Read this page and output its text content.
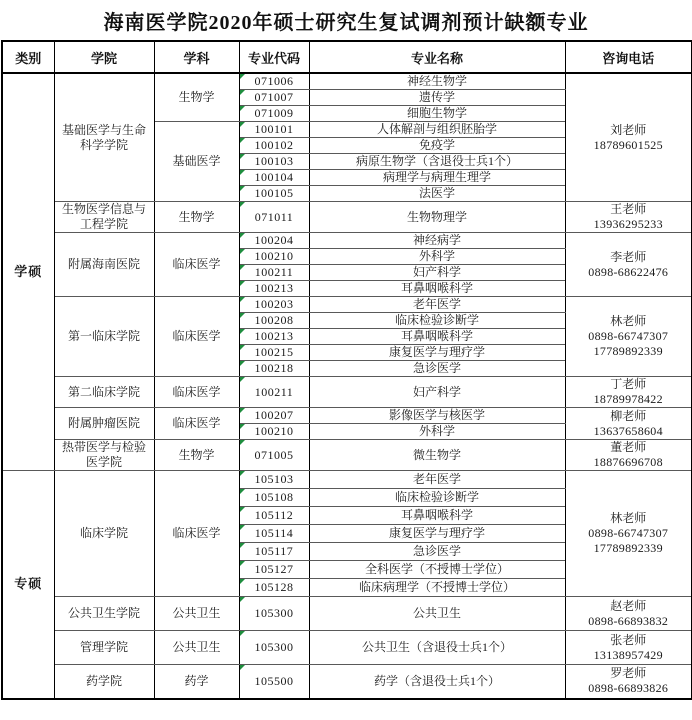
海南医学院2020年硕士研究生复试调剂预计缺额专业
类别	学院	学科	专业代码	专业名称	咨询电话
学硕	基础医学与生命科学学院	生物学	071006	神经生物学	刘老师
18789601525

071007	遗传学	

071009	细胞生物学	
		基础医学	100101	人体解剖与组织胚胎学	

100102	免疫学	

100103	病原生物学（含退役士兵1个）	

100104	病理学与病理生理学	

100105	法医学	
	生物医学信息与工程学院	生物学	071011	生物物理学	王老师
13936295233

	附属海南医院	临床医学	100204	神经病学	李老师
0898-68622476

100210	外科学	

100211	妇产科学	

100213	耳鼻咽喉科学	
	第一临床学院	临床医学	100203	老年医学	林老师
0898-66747307
17789892339

100208	临床检验诊断学	

100213	耳鼻咽喉科学	

100215	康复医学与理疗学	

100218	急诊医学	
	第二临床学院	临床医学	100211	妇产科学	丁老师
18789978422

	附属肿瘤医院	临床医学	100207	影像医学与核医学	柳老师
13637658604

100210	外科学	
	热带医学与检验医学院	生物学	071005	微生物学	董老师
18876696708

专硕	临床学院	临床医学	105103	老年医学	林老师
0898-66747307
17789892339

105108	临床检验诊断学	

105112	耳鼻咽喉科学	

105114	康复医学与理疗学	

105117	急诊医学	

105127	全科医学（不授博士学位）	

105128	临床病理学（不授博士学位）	
	公共卫生学院	公共卫生	105300	公共卫生	赵老师
0898-66893832

	管理学院	公共卫生	105300	公共卫生（含退役士兵1个）	张老师
13138957429

	药学院	药学	105500	药学（含退役士兵1个）	罗老师
0898-66893826
